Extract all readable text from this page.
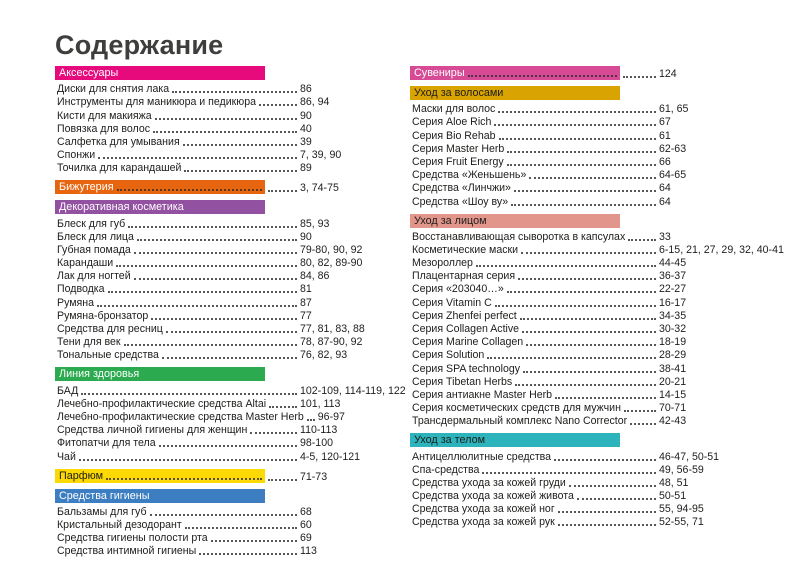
Содержание
Аксессуары
Диски для снятия лака	86
Инструменты для маникюра и педикюра	86, 94
Кисти для макияжа	90
Повязка для волос	40
Салфетка для умывания	39
Спонжи	7, 39, 90
Точилка для карандашей	89
Бижутерия	3, 74-75
Декоративная косметика
Блеск для губ	85, 93
Блеск для лица	90
Губная помада	79-80, 90, 92
Карандаши	80, 82, 89-90
Лак для ногтей	84, 86
Подводка	81
Румяна	87
Румяна-бронзатор	77
Средства для ресниц	77, 81, 83, 88
Тени для век	78, 87-90, 92
Тональные средства	76, 82, 93
Линия здоровья
БАД	102-109, 114-119, 122
Лечебно-профилактические средства Altai	101, 113
Лечебно-профилактические средства Master Herb 96-97
Средства личной гигиены для женщин	110-113
Фитопатчи для тела	98-100
Чай	4-5, 120-121
Парфюм	71-73
Средства гигиены
Бальзамы для губ	68
Кристальный дезодорант	60
Средства гигиены полости рта	69
Средства интимной гигиены	113
Сувениры	124
Уход за волосами
Маски для волос	61, 65
Серия Aloe Rich	67
Серия Bio Rehab	61
Серия Master Herb	62-63
Серия Fruit Energy	66
Средства «Женьшень»	64-65
Средства «Линчжи»	64
Средства «Шоу ву»	64
Уход за лицом
Восстанавливающая сыворотка в капсулах	33
Косметические маски	6-15, 21, 27, 29, 32, 40-41
Мезороллер	44-45
Плацентарная серия	36-37
Серия «203040…»	22-27
Серия Vitamin C	16-17
Серия Zhenfei perfect	34-35
Серия Collagen Active	30-32
Серия Marine Collagen	18-19
Серия Solution	28-29
Серия SPA technology	38-41
Серия Tibetan Herbs	20-21
Серия антиакне Master Herb	14-15
Серия косметических средств для мужчин	70-71
Трансдермальный комплекс Nano Corrector	42-43
Уход за телом
Антицеллюлитные средства	46-47, 50-51
Спа-средства	49, 56-59
Средства ухода за кожей груди	48, 51
Средства ухода за кожей живота	50-51
Средства ухода за кожей ног	55, 94-95
Средства ухода за кожей рук	52-55, 71
